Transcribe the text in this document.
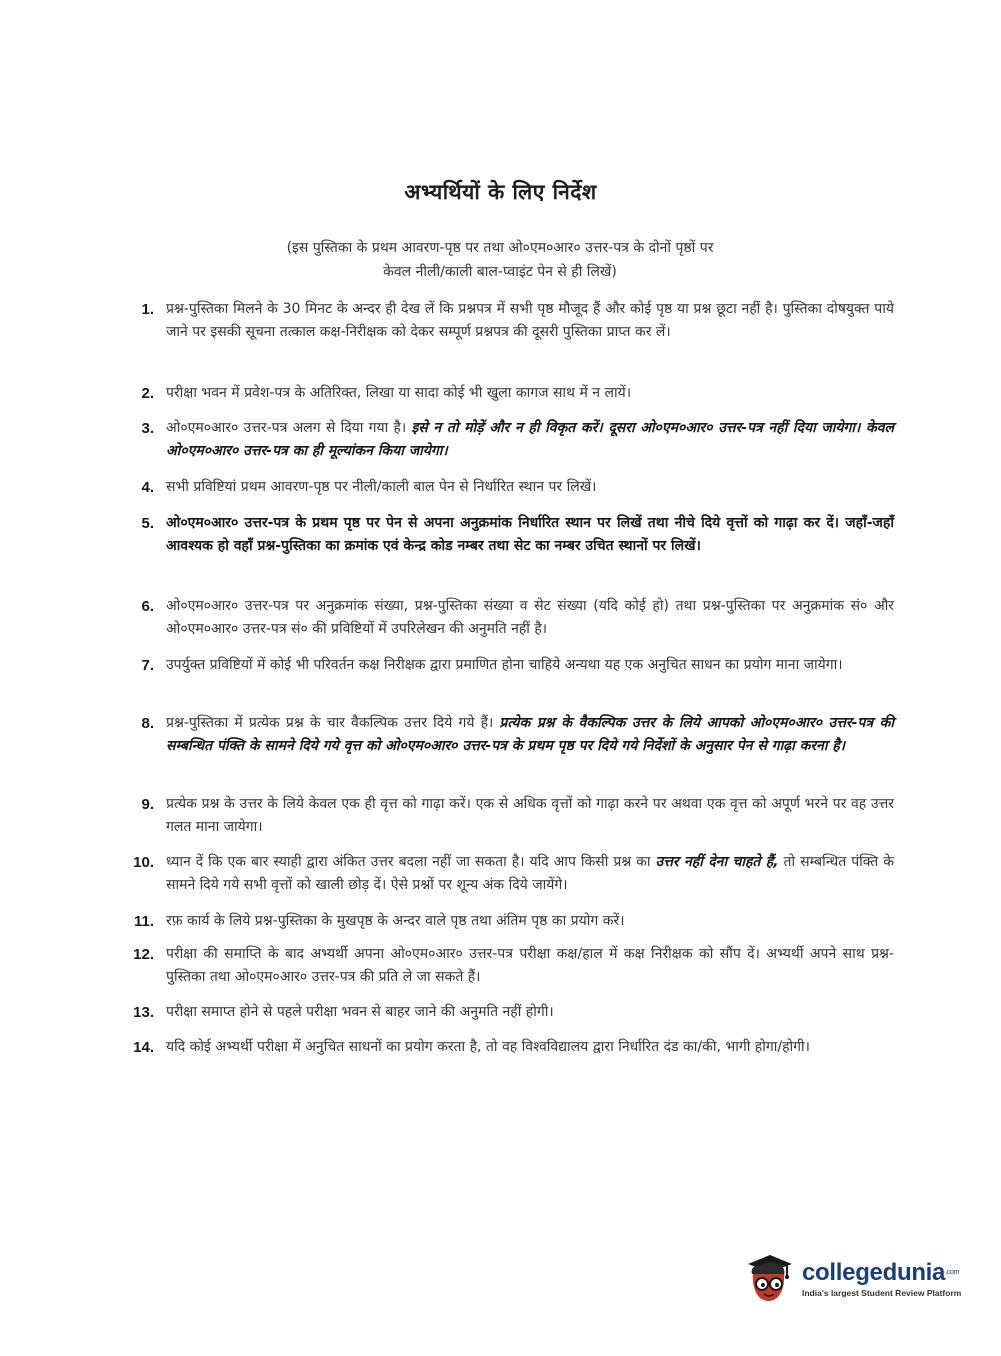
अभ्यर्थियों के लिए निर्देश
(इस पुस्तिका के प्रथम आवरण-पृष्ठ पर तथा ओ०एम०आर० उत्तर-पत्र के दोनों पृष्ठों पर
केवल नीली/काली बाल-प्वाइंट पेन से ही लिखें)
1. प्रश्न-पुस्तिका मिलने के 30 मिनट के अन्दर ही देख लें कि प्रश्नपत्र में सभी पृष्ठ मौजूद हैं और कोई पृष्ठ या प्रश्न छूटा नहीं है। पुस्तिका दोषयुक्त पाये जाने पर इसकी सूचना तत्काल कक्ष-निरीक्षक को देकर सम्पूर्ण प्रश्नपत्र की दूसरी पुस्तिका प्राप्त कर लें।
2. परीक्षा भवन में प्रवेश-पत्र के अतिरिक्त, लिखा या सादा कोई भी खुला कागज साथ में न लायें।
3. ओ०एम०आर० उत्तर-पत्र अलग से दिया गया है। इसे न तो मोड़ें और न ही विकृत करें। दूसरा ओ०एम०आर० उत्तर-पत्र नहीं दिया जायेगा। केवल ओ०एम०आर० उत्तर-पत्र का ही मूल्यांकन किया जायेगा।
4. सभी प्रविष्टियां प्रथम आवरण-पृष्ठ पर नीली/काली बाल पेन से निर्धारित स्थान पर लिखें।
5. ओ०एम०आर० उत्तर-पत्र के प्रथम पृष्ठ पर पेन से अपना अनुक्रमांक निर्धारित स्थान पर लिखें तथा नीचे दिये वृत्तों को गाढ़ा कर दें। जहाँ-जहाँ आवश्यक हो वहाँ प्रश्न-पुस्तिका का क्रमांक एवं केन्द्र कोड नम्बर तथा सेट का नम्बर उचित स्थानों पर लिखें।
6. ओ०एम०आर० उत्तर-पत्र पर अनुक्रमांक संख्या, प्रश्न-पुस्तिका संख्या व सेट संख्या (यदि कोई हो) तथा प्रश्न-पुस्तिका पर अनुक्रमांक सं० और ओ०एम०आर० उत्तर-पत्र सं० की प्रविष्टियों में उपरिलेखन की अनुमति नहीं है।
7. उपर्युक्त प्रविष्टियों में कोई भी परिवर्तन कक्ष निरीक्षक द्वारा प्रमाणित होना चाहिये अन्यथा यह एक अनुचित साधन का प्रयोग माना जायेगा।
8. प्रश्न-पुस्तिका में प्रत्येक प्रश्न के चार वैकल्पिक उत्तर दिये गये हैं। प्रत्येक प्रश्न के वैकल्पिक उत्तर के लिये आपको ओ०एम०आर० उत्तर-पत्र की सम्बन्धित पंक्ति के सामने दिये गये वृत्त को ओ०एम०आर० उत्तर-पत्र के प्रथम पृष्ठ पर दिये गये निर्देशों के अनुसार पेन से गाढ़ा करना है।
9. प्रत्येक प्रश्न के उत्तर के लिये केवल एक ही वृत्त को गाढ़ा करें। एक से अधिक वृत्तों को गाढ़ा करने पर अथवा एक वृत्त को अपूर्ण भरने पर वह उत्तर गलत माना जायेगा।
10. ध्यान दें कि एक बार स्याही द्वारा अंकित उत्तर बदला नहीं जा सकता है। यदि आप किसी प्रश्न का उत्तर नहीं देना चाहते हैं, तो सम्बन्धित पंक्ति के सामने दिये गये सभी वृत्तों को खाली छोड़ दें। ऐसे प्रश्नों पर शून्य अंक दिये जायेंगे।
11. रफ़ कार्य के लिये प्रश्न-पुस्तिका के मुखपृष्ठ के अन्दर वाले पृष्ठ तथा अंतिम पृष्ठ का प्रयोग करें।
12. परीक्षा की समाप्ति के बाद अभ्यर्थी अपना ओ०एम०आर० उत्तर-पत्र परीक्षा कक्ष/हाल में कक्ष निरीक्षक को सौंप दें। अभ्यर्थी अपने साथ प्रश्न-पुस्तिका तथा ओ०एम०आर० उत्तर-पत्र की प्रति ले जा सकते हैं।
13. परीक्षा समाप्त होने से पहले परीक्षा भवन से बाहर जाने की अनुमति नहीं होगी।
14. यदि कोई अभ्यर्थी परीक्षा में अनुचित साधनों का प्रयोग करता है, तो वह विश्वविद्यालय द्वारा निर्धारित दंड का/की, भागी होगा/होगी।
collegedunia$^{.com}$
India's largest Student Review Platform
